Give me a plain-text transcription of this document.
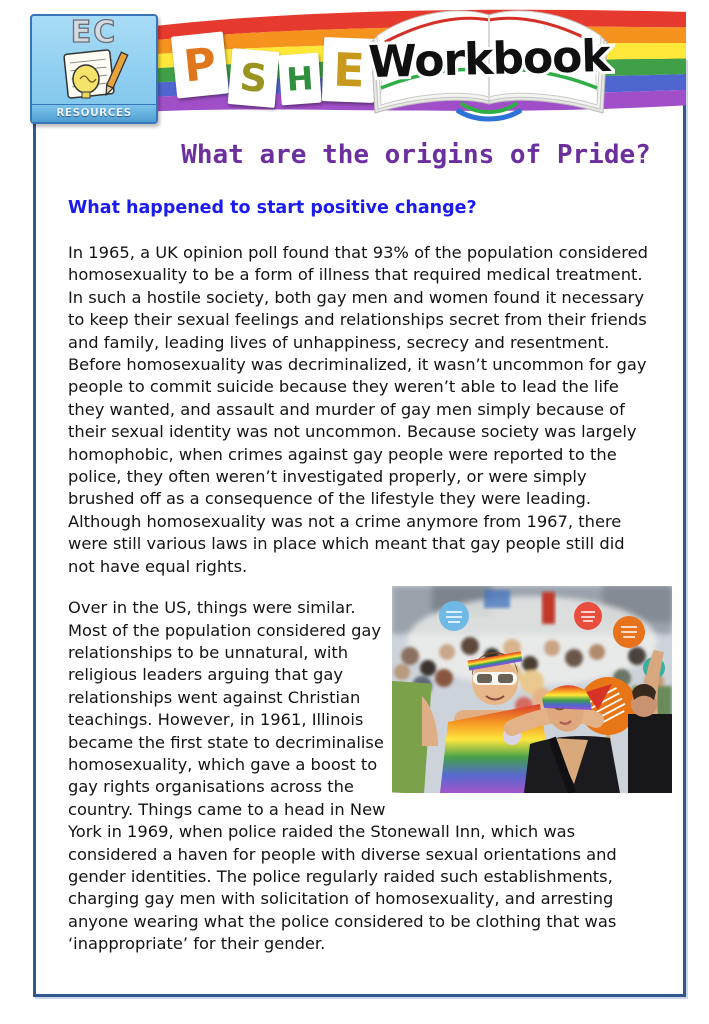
EC
RESOURCES
P S H E Workbook
What are the origins of Pride?
What happened to start positive change?

In 1965, a UK opinion poll found that 93% of the population considered homosexuality to be a form of illness that required medical treatment. In such a hostile society, both gay men and women found it necessary to keep their sexual feelings and relationships secret from their friends and family, leading lives of unhappiness, secrecy and resentment. Before homosexuality was decriminalized, it wasn’t uncommon for gay people to commit suicide because they weren’t able to lead the life they wanted, and assault and murder of gay men simply because of their sexual identity was not uncommon. Because society was largely homophobic, when crimes against gay people were reported to the police, they often weren’t investigated properly, or were simply brushed off as a consequence of the lifestyle they were leading. Although homosexuality was not a crime anymore from 1967, there were still various laws in place which meant that gay people still did not have equal rights.

Over in the US, things were similar. Most of the population considered gay relationships to be unnatural, with religious leaders arguing that gay relationships went against Christian teachings. However, in 1961, Illinois became the first state to decriminalise homosexuality, which gave a boost to gay rights organisations across the country. Things came to a head in New York in 1969, when police raided the Stonewall Inn, which was considered a haven for people with diverse sexual orientations and gender identities. The police regularly raided such establishments, charging gay men with solicitation of homosexuality, and arresting anyone wearing what the police considered to be clothing that was ‘inappropriate’ for their gender.
